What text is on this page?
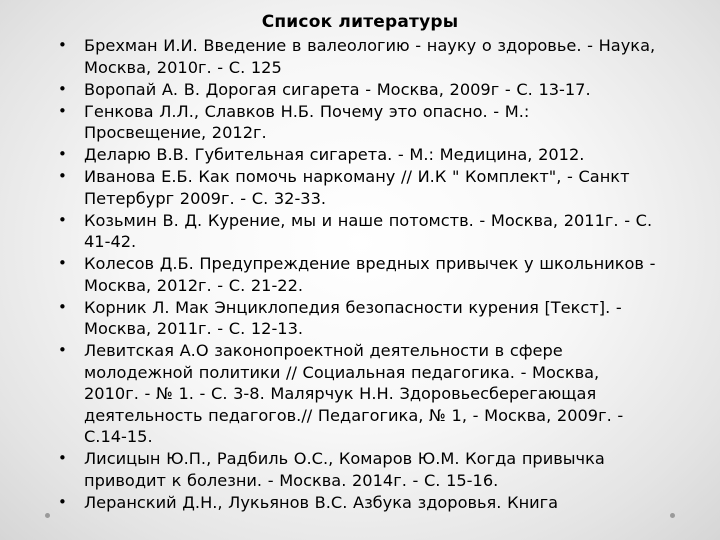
Список литературы
• Брехман И.И. Введение в валеологию - науку о здоровье. - Наука, Москва, 2010г. - С. 125
• Воропай А. В. Дорогая сигарета - Москва, 2009г - С. 13-17.
• Генкова Л.Л., Славков Н.Б. Почему это опасно. - М.: Просвещение, 2012г.
• Деларю В.В. Губительная сигарета. - М.: Медицина, 2012.
• Иванова Е.Б. Как помочь наркоману // И.К " Комплект", - Санкт Петербург 2009г. - С. 32-33.
• Козьмин В. Д. Курение, мы и наше потомств. - Москва, 2011г. - С. 41-42.
• Колесов Д.Б. Предупреждение вредных привычек у школьников - Москва, 2012г. - С. 21-22.
• Корник Л. Мак Энциклопедия безопасности курения [Текст]. - Москва, 2011г. - С. 12-13.
• Левитская А.О законопроектной деятельности в сфере молодежной политики // Социальная педагогика. - Москва, 2010г. - № 1. - С. 3-8. Малярчук Н.Н. Здоровьесберегающая деятельность педагогов.// Педагогика, № 1, - Москва, 2009г. - С.14-15.
• Лисицын Ю.П., Радбиль О.С., Комаров Ю.М. Когда привычка приводит к болезни. - Москва. 2014г. - С. 15-16.
• Леранский Д.Н., Лукьянов В.С. Азбука здоровья. Книга
